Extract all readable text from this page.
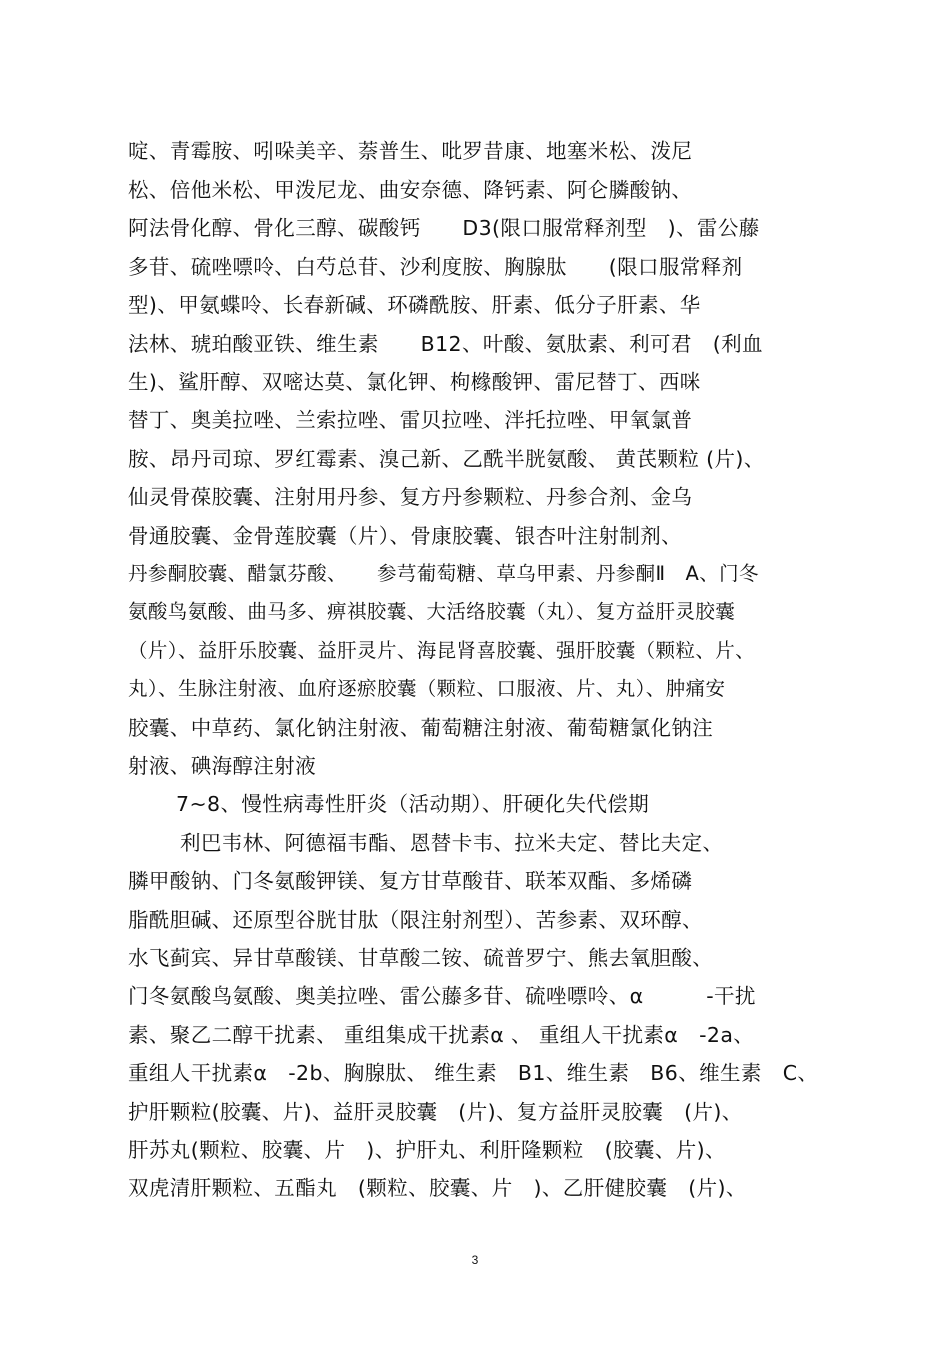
啶、青霉胺、吲哚美辛、萘普生、吡罗昔康、地塞米松、泼尼
松、倍他米松、甲泼尼龙、曲安奈德、降钙素、阿仑膦酸钠、
阿法骨化醇、骨化三醇、碳酸钙　　D3(限口服常释剂型　)、雷公藤
多苷、硫唑嘌呤、白芍总苷、沙利度胺、胸腺肽　　(限口服常释剂
型)、甲氨蝶呤、长春新碱、环磷酰胺、肝素、低分子肝素、华
法林、琥珀酸亚铁、维生素　　B12、叶酸、氨肽素、利可君　(利血
生)、鲨肝醇、双嘧达莫、氯化钾、枸橼酸钾、雷尼替丁、西咪
替丁、奥美拉唑、兰索拉唑、雷贝拉唑、泮托拉唑、甲氧氯普
胺、昂丹司琼、罗红霉素、溴己新、乙酰半胱氨酸、 黄芪颗粒 (片)、
仙灵骨葆胶囊、注射用丹参、复方丹参颗粒、丹参合剂、金乌
骨通胶囊、金骨莲胶囊（片）、骨康胶囊、银杏叶注射制剂、
丹参酮胶囊、醋氯芬酸、　　参芎葡萄糖、草乌甲素、丹参酮Ⅱ　A、门冬
氨酸鸟氨酸、曲马多、痹祺胶囊、大活络胶囊（丸）、复方益肝灵胶囊
（片）、益肝乐胶囊、益肝灵片、海昆肾喜胶囊、强肝胶囊（颗粒、片、
丸）、生脉注射液、血府逐瘀胶囊（颗粒、口服液、片、丸）、肿痛安
胶囊、中草药、氯化钠注射液、葡萄糖注射液、葡萄糖氯化钠注
射液、碘海醇注射液
7~8、慢性病毒性肝炎（活动期）、肝硬化失代偿期
利巴韦林、阿德福韦酯、恩替卡韦、拉米夫定、替比夫定、
膦甲酸钠、门冬氨酸钾镁、复方甘草酸苷、联苯双酯、多烯磷
脂酰胆碱、还原型谷胱甘肽（限注射剂型）、苦参素、双环醇、
水飞蓟宾、异甘草酸镁、甘草酸二铵、硫普罗宁、熊去氧胆酸、
门冬氨酸鸟氨酸、奥美拉唑、雷公藤多苷、硫唑嘌呤、α　　　-干扰
素、聚乙二醇干扰素、 重组集成干扰素α 、 重组人干扰素α　-2a、
重组人干扰素α　-2b、胸腺肽、 维生素　B1、维生素　B6、维生素　C、
护肝颗粒(胶囊、片)、益肝灵胶囊　(片)、复方益肝灵胶囊　(片)、
肝苏丸(颗粒、胶囊、片　)、护肝丸、利肝隆颗粒　(胶囊、片)、
双虎清肝颗粒、五酯丸　(颗粒、胶囊、片　)、乙肝健胶囊　(片)、
3
